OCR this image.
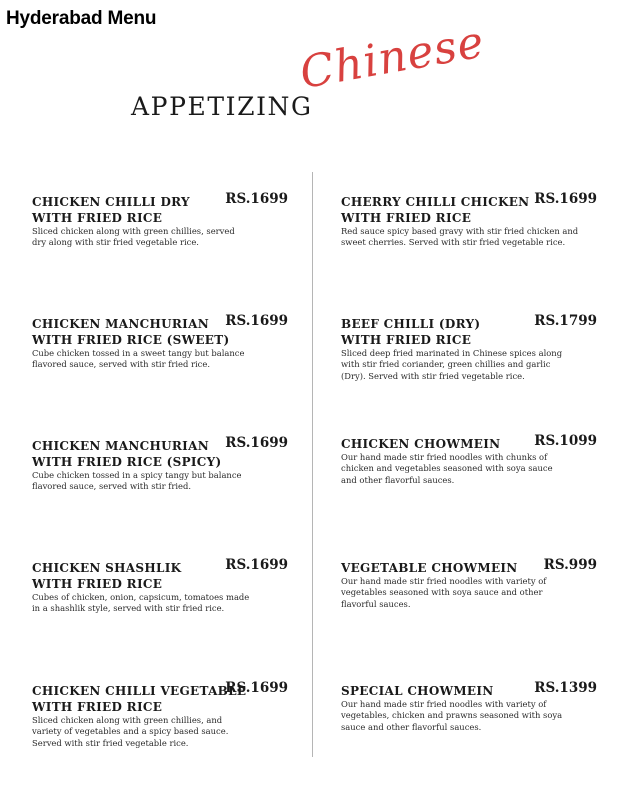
Hyderabad Menu
APPETIZING
Chinese
CHICKEN CHILLI DRY
WITH FRIED RICE
RS.1699
Sliced chicken along with green chillies, served
dry along with stir fried vegetable rice.
CHICKEN MANCHURIAN
WITH FRIED RICE (SWEET)
RS.1699
Cube chicken tossed in a sweet tangy but balance
flavored sauce, served with stir fried rice.
CHICKEN MANCHURIAN
WITH FRIED RICE (SPICY)
RS.1699
Cube chicken tossed in a spicy tangy but balance
flavored sauce, served with stir fried.
CHICKEN SHASHLIK
WITH FRIED RICE
RS.1699
Cubes of chicken, onion, capsicum, tomatoes made
in a shashlik style, served with stir fried rice.
CHICKEN CHILLI VEGETABLE
WITH FRIED RICE
RS.1699
Sliced chicken along with green chillies, and
variety of vegetables and a spicy based sauce.
Served with stir fried vegetable rice.
CHERRY CHILLI CHICKEN
WITH FRIED RICE
RS.1699
Red sauce spicy based gravy with stir fried chicken and
sweet cherries. Served with stir fried vegetable rice.
BEEF CHILLI (DRY)
WITH FRIED RICE
RS.1799
Sliced deep fried marinated in Chinese spices along
with stir fried coriander, green chillies and garlic
(Dry). Served with stir fried vegetable rice.
CHICKEN CHOWMEIN	RS.1099
Our hand made stir fried noodles with chunks of
chicken and vegetables seasoned with soya sauce
and other flavorful sauces.
VEGETABLE CHOWMEIN	RS.999
Our hand made stir fried noodles with variety of
vegetables seasoned with soya sauce and other
flavorful sauces.
SPECIAL CHOWMEIN	RS.1399
Our hand made stir fried noodles with variety of
vegetables, chicken and prawns seasoned with soya
sauce and other flavorful sauces.
